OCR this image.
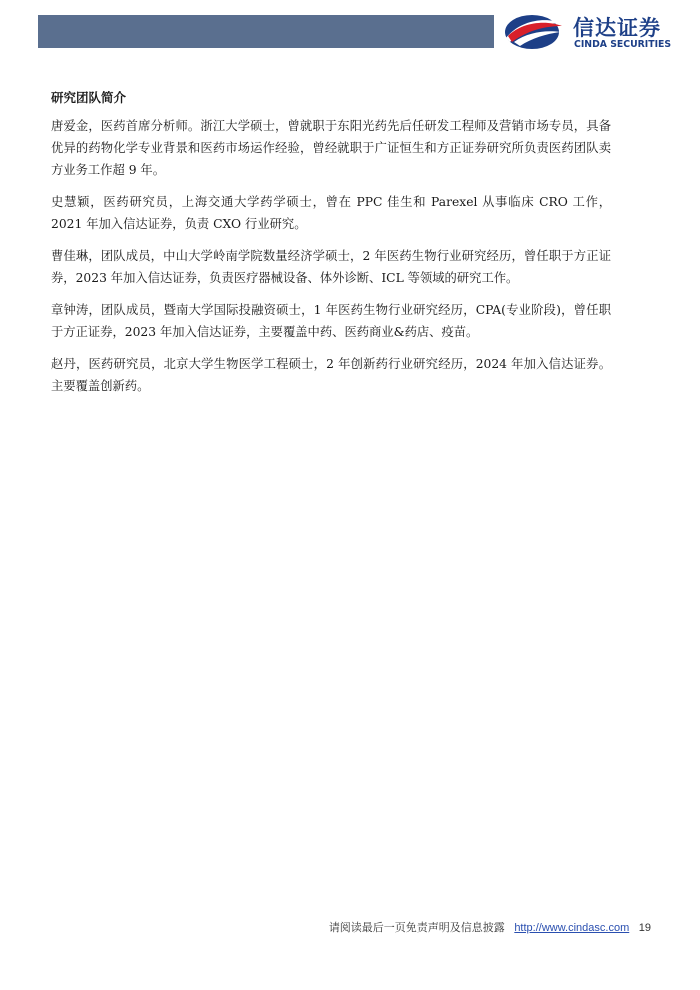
信达证券
CINDA SECURITIES
研究团队简介

唐爱金，医药首席分析师。浙江大学硕士，曾就职于东阳光药先后任研发工程师及营销市场专员，具备优异的药物化学专业背景和医药市场运作经验，曾经就职于广证恒生和方正证券研究所负责医药团队卖方业务工作超 9 年。

史慧颖，医药研究员，上海交通大学药学硕士，曾在 PPC 佳生和 Parexel 从事临床 CRO 工作，2021 年加入信达证券，负责 CXO 行业研究。

曹佳琳，团队成员，中山大学岭南学院数量经济学硕士，2 年医药生物行业研究经历，曾任职于方正证券，2023 年加入信达证券，负责医疗器械设备、体外诊断、ICL 等领域的研究工作。

章钟涛，团队成员，暨南大学国际投融资硕士，1 年医药生物行业研究经历，CPA(专业阶段)，曾任职于方正证券，2023 年加入信达证券，主要覆盖中药、医药商业&药店、疫苗。

赵丹，医药研究员，北京大学生物医学工程硕士，2 年创新药行业研究经历，2024 年加入信达证券。主要覆盖创新药。

请阅读最后一页免责声明及信息披露 http://www.cindasc.com 19
